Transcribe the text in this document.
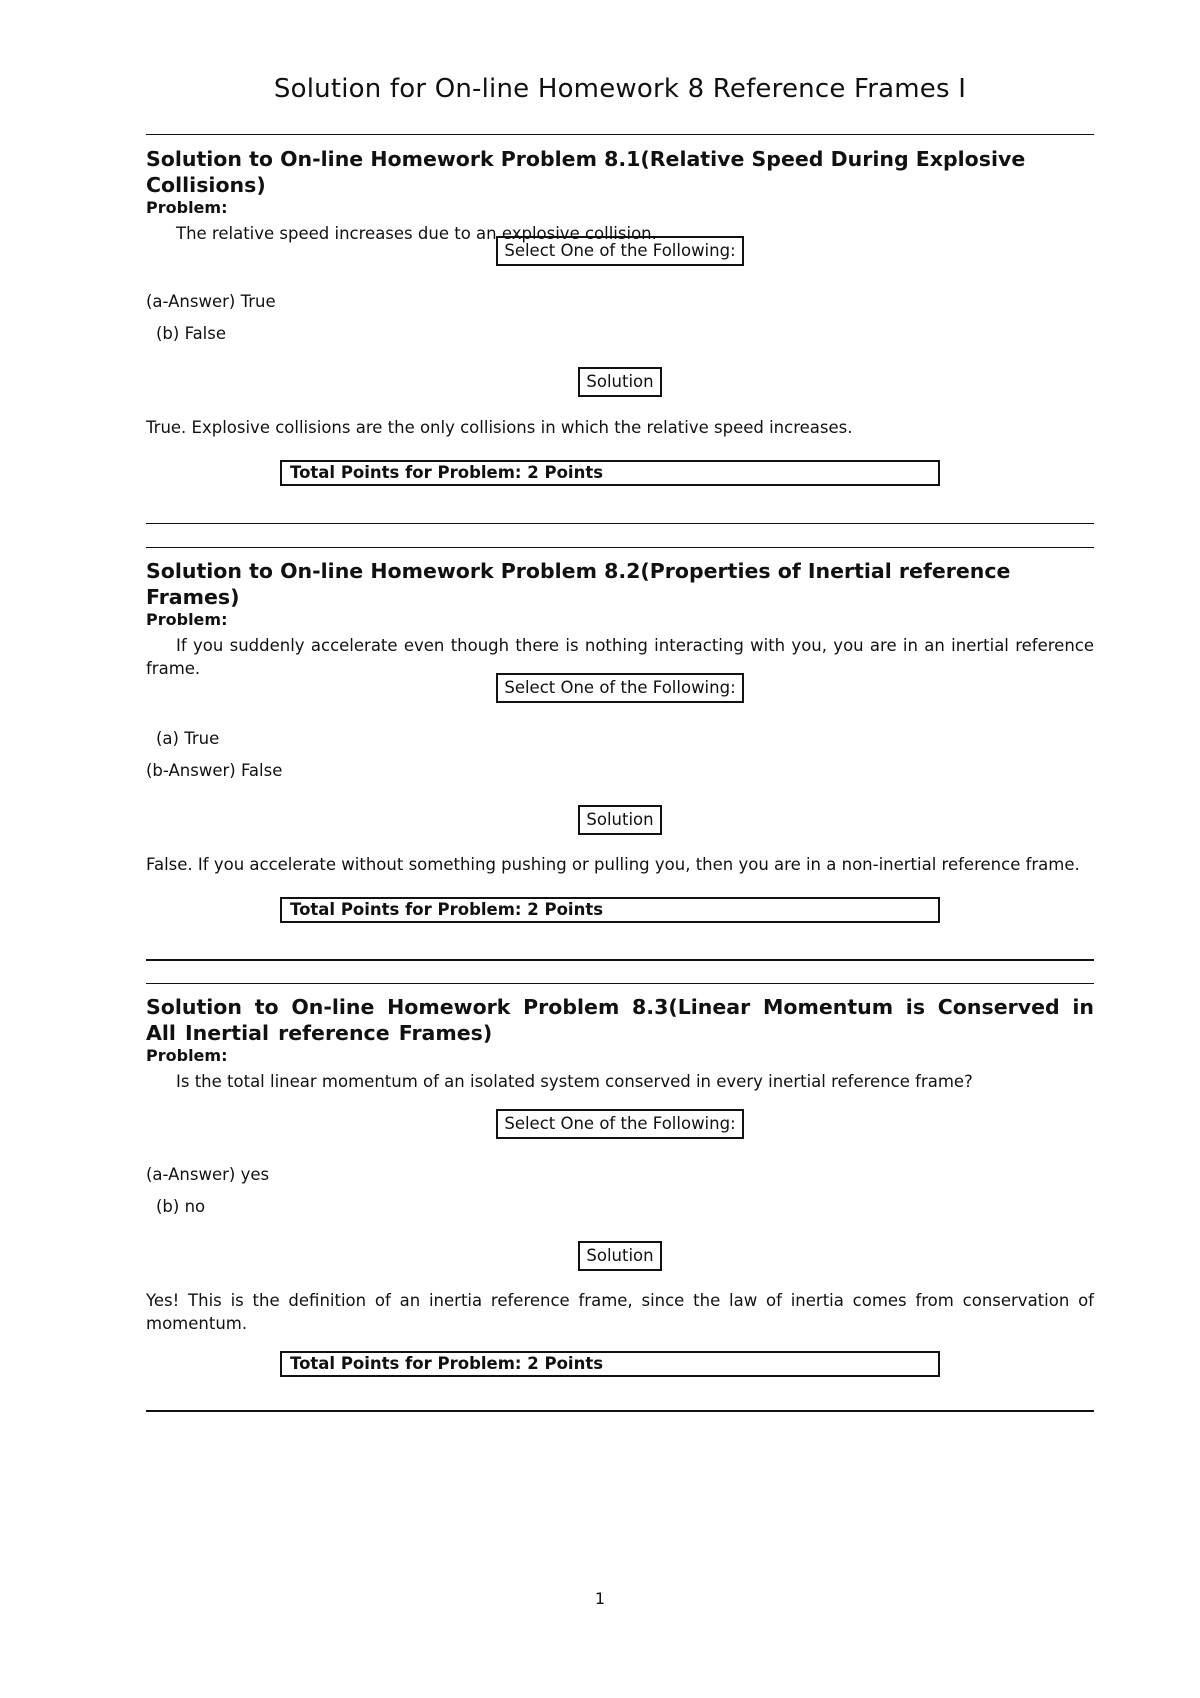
Solution for On-line Homework 8 Reference Frames I

Solution to On-line Homework Problem 8.1(Relative Speed During Explosive Collisions)

Problem:

The relative speed increases due to an explosive collision.

Select One of the Following:

(a-Answer) True

(b) False

Solution

True. Explosive collisions are the only collisions in which the relative speed increases.

Total Points for Problem: 2 Points

Solution to On-line Homework Problem 8.2(Properties of Inertial reference Frames)

Problem:

If you suddenly accelerate even though there is nothing interacting with you, you are in an inertial reference frame.

Select One of the Following:

(a) True

(b-Answer) False

Solution

False. If you accelerate without something pushing or pulling you, then you are in a non-inertial reference frame.

Total Points for Problem: 2 Points

Solution to On-line Homework Problem 8.3(Linear Momentum is Conserved in All Inertial reference Frames)

Problem:

Is the total linear momentum of an isolated system conserved in every inertial reference frame?

Select One of the Following:

(a-Answer) yes

(b) no

Solution

Yes! This is the definition of an inertia reference frame, since the law of inertia comes from conservation of momentum.

Total Points for Problem: 2 Points
1
